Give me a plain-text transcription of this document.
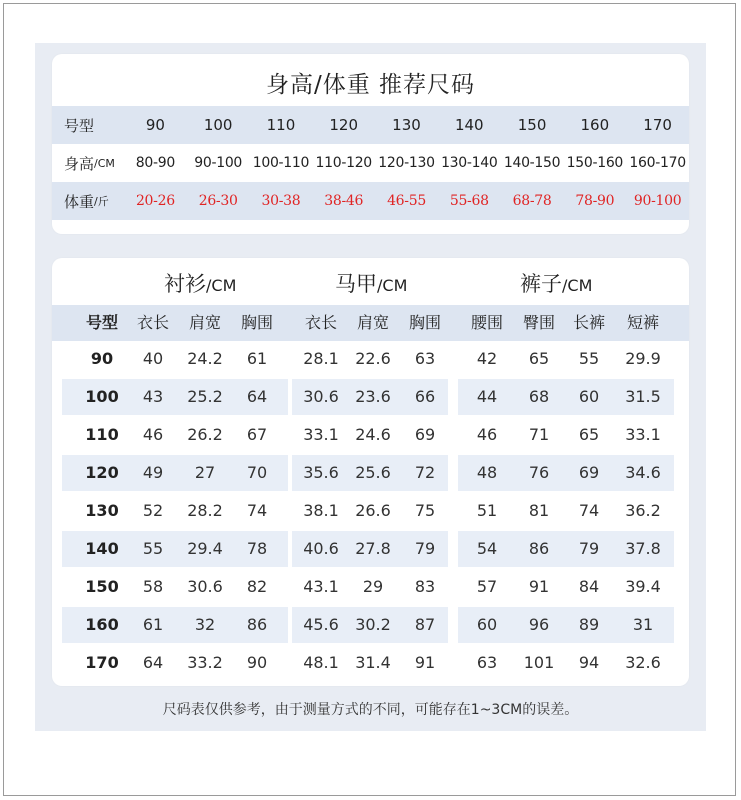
身高/体重 推荐尺码
号型	90	100	110	120	130	140	150	160	170
身高 /CM	80-90	90-100 100-110 110-120 120-130 130-140 140-150 150-160 160-170
体重 /斤	20-26	26-30	30-38	38-46	46-55	55-68	68-78	78-90	90-100
衬衫/CM	马甲/CM	裤子/CM
号型	衣长	肩宽	胸围	衣长	肩宽	胸围	腰围	臀围	长裤	短裤
90	40	24.2	61	28.1	22.6	63	42	65	55	29.9
100	43	25.2	64	30.6	23.6	66	44	68	60	31.5
110	46	26.2	67	33.1	24.6	69	46	71	65	33.1
120	49	27	70	35.6	25.6	72	48	76	69	34.6
130	52	28.2	74	38.1	26.6	75	51	81	74	36.2
140	55	29.4	78	40.6	27.8	79	54	86	79	37.8
150	58	30.6	82	43.1	29	83	57	91	84	39.4
160	61	32	86	45.6	30.2	87	60	96	89	31
170	64	33.2	90	48.1	31.4	91	63	101	94	32.6
尺码表仅供参考，由于测量方式的不同，可能存在1~3CM的误差。
